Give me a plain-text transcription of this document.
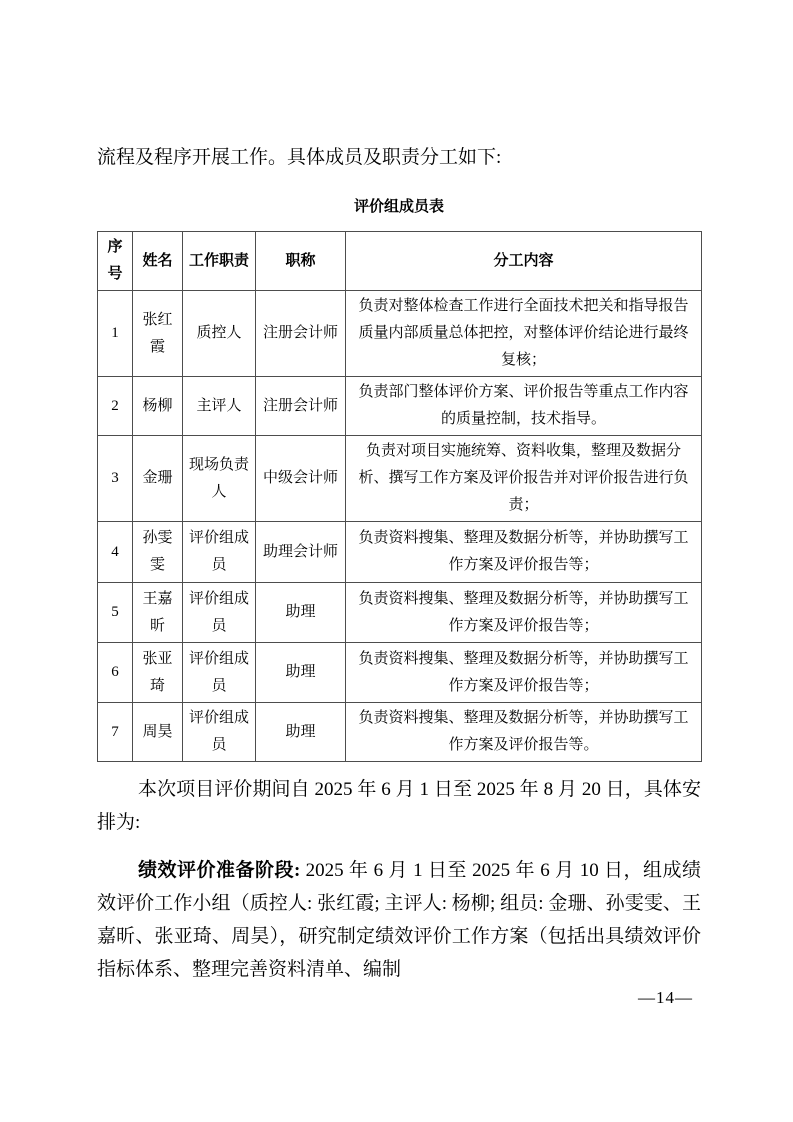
流程及程序开展工作。具体成员及职责分工如下:

评价组成员表
序号	姓名	工作职责	职称	分工内容
1	张红霞	质控人	注册会计师	负责对整体检查工作进行全面技术把关和指导报告质量内部质量总体把控，对整体评价结论进行最终复核；
2	杨柳	主评人	注册会计师	负责部门整体评价方案、评价报告等重点工作内容的质量控制，技术指导。
3	金珊	现场负责人	中级会计师	负责对项目实施统筹、资料收集，整理及数据分析、撰写工作方案及评价报告并对评价报告进行负责；
4	孙雯雯	评价组成员	助理会计师	负责资料搜集、整理及数据分析等，并协助撰写工作方案及评价报告等；
5	王嘉昕	评价组成员	助理	负责资料搜集、整理及数据分析等，并协助撰写工作方案及评价报告等；
6	张亚琦	评价组成员	助理	负责资料搜集、整理及数据分析等，并协助撰写工作方案及评价报告等；
7	周昊	评价组成员	助理	负责资料搜集、整理及数据分析等，并协助撰写工作方案及评价报告等。

本次项目评价期间自 2025 年 6 月 1 日至 2025 年 8 月 20 日，具体安排为:

绩效评价准备阶段: 2025 年 6 月 1 日至 2025 年 6 月 10 日，组成绩效评价工作小组（质控人: 张红霞; 主评人: 杨柳; 组员: 金珊、孙雯雯、王嘉昕、张亚琦、周昊），研究制定绩效评价工作方案（包括出具绩效评价指标体系、整理完善资料清单、编制

—14—
